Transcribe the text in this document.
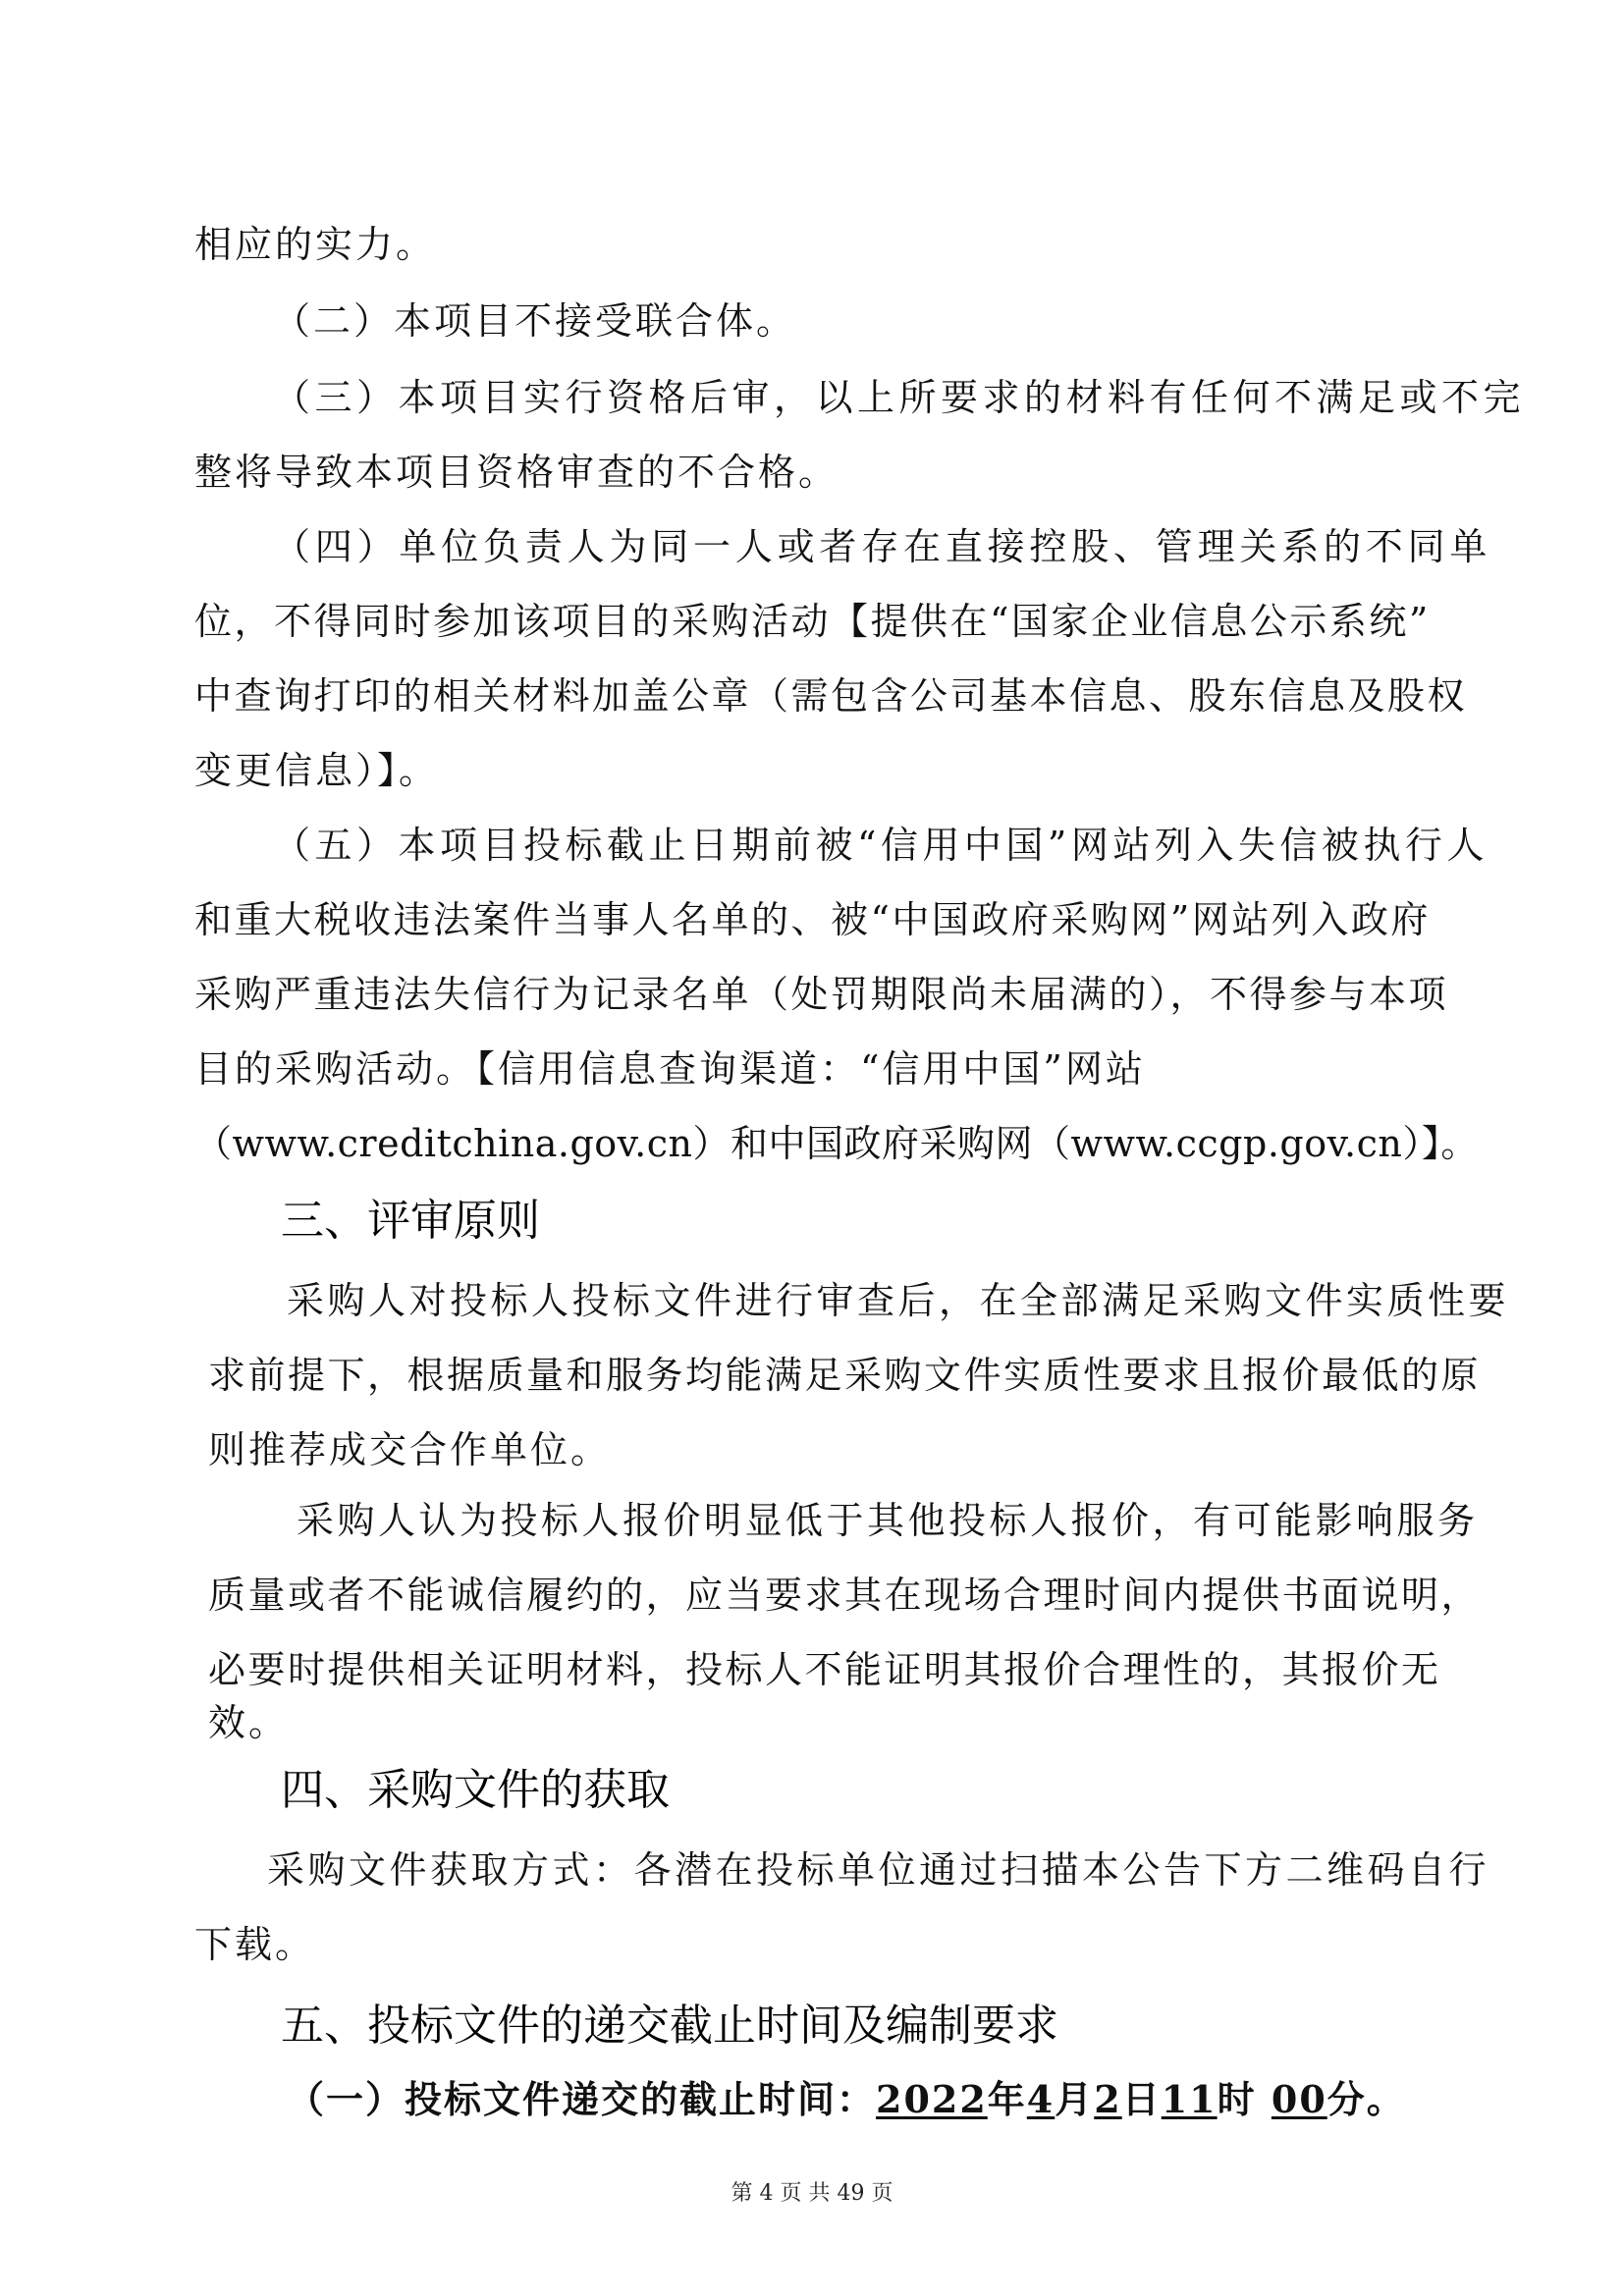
相应的实力。
（二）本项目不接受联合体。
（三）本项目实行资格后审，以上所要求的材料有任何不满足或不完
整将导致本项目资格审查的不合格。
（四）单位负责人为同一人或者存在直接控股、管理关系的不同单
位，不得同时参加该项目的采购活动【提供在“国家企业信息公示系统”
中查询打印的相关材料加盖公章（需包含公司基本信息、股东信息及股权
变更信息）】。
（五）本项目投标截止日期前被“信用中国”网站列入失信被执行人
和重大税收违法案件当事人名单的、被“中国政府采购网”网站列入政府
采购严重违法失信行为记录名单（处罚期限尚未届满的），不得参与本项
目的采购活动。【信用信息查询渠道：“信用中国”网站
（www.creditchina.gov.cn）和中国政府采购网（www.ccgp.gov.cn）】。
三、评审原则
采购人对投标人投标文件进行审查后，在全部满足采购文件实质性要
求前提下，根据质量和服务均能满足采购文件实质性要求且报价最低的原
则推荐成交合作单位。
采购人认为投标人报价明显低于其他投标人报价，有可能影响服务
质量或者不能诚信履约的，应当要求其在现场合理时间内提供书面说明，
必要时提供相关证明材料，投标人不能证明其报价合理性的，其报价无
效。
四、采购文件的获取
采购文件获取方式：各潜在投标单位通过扫描本公告下方二维码自行
下载。
五、投标文件的递交截止时间及编制要求
（一）投标文件递交的截止时间：2022年4月2日11时 00分。
第 4 页 共 49 页
